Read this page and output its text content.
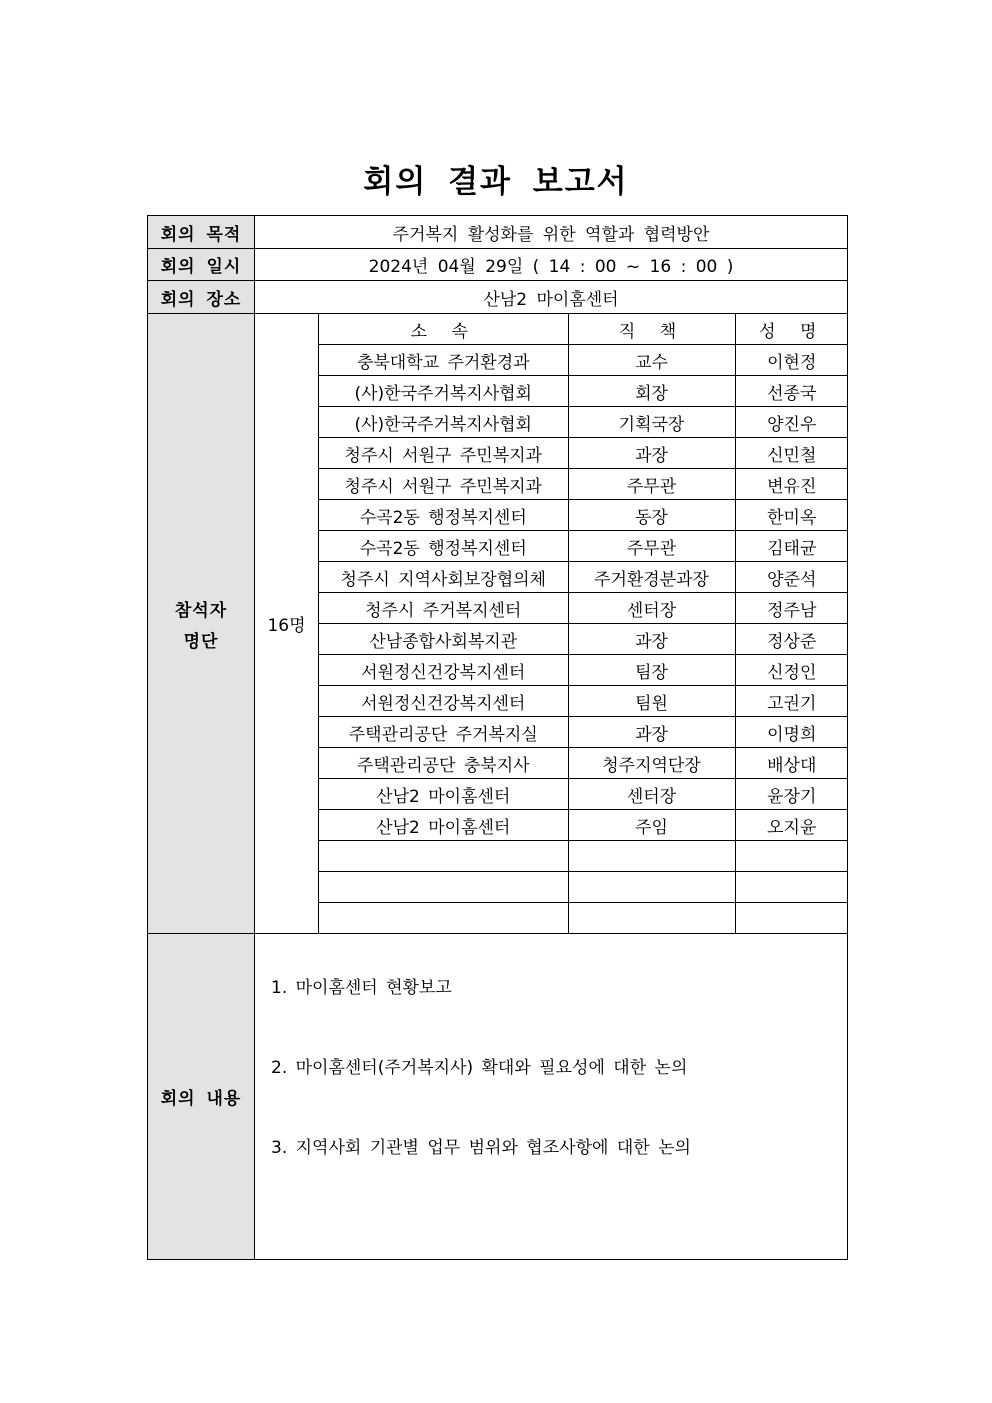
회의 결과 보고서
회의 목적	주거복지 활성화를 위한 역할과 협력방안
회의 일시	2024년 04월 29일 ( 14 : 00 ~ 16 : 00 )
회의 장소	산남2 마이홈센터

참석자
명단
	16명	
소 속	직 책	성 명
충북대학교 주거환경과	교수	이현정
(사)한국주거복지사협회	회장	선종국
(사)한국주거복지사협회	기획국장	양진우
청주시 서원구 주민복지과	과장	신민철
청주시 서원구 주민복지과	주무관	변유진
수곡2동 행정복지센터	동장	한미옥
수곡2동 행정복지센터	주무관	김태균
청주시 지역사회보장협의체	주거환경분과장	양준석
청주시 주거복지센터	센터장	정주남
산남종합사회복지관	과장	정상준
서원정신건강복지센터	팀장	신정인
서원정신건강복지센터	팀원	고권기
주택관리공단 주거복지실	과장	이명희
주택관리공단 충북지사	청주지역단장	배상대
산남2 마이홈센터	센터장	윤장기
산남2 마이홈센터	주임	오지윤

회의 내용	
1. 마이홈센터 현황보고
2. 마이홈센터(주거복지사) 확대와 필요성에 대한 논의
3. 지역사회 기관별 업무 범위와 협조사항에 대한 논의
